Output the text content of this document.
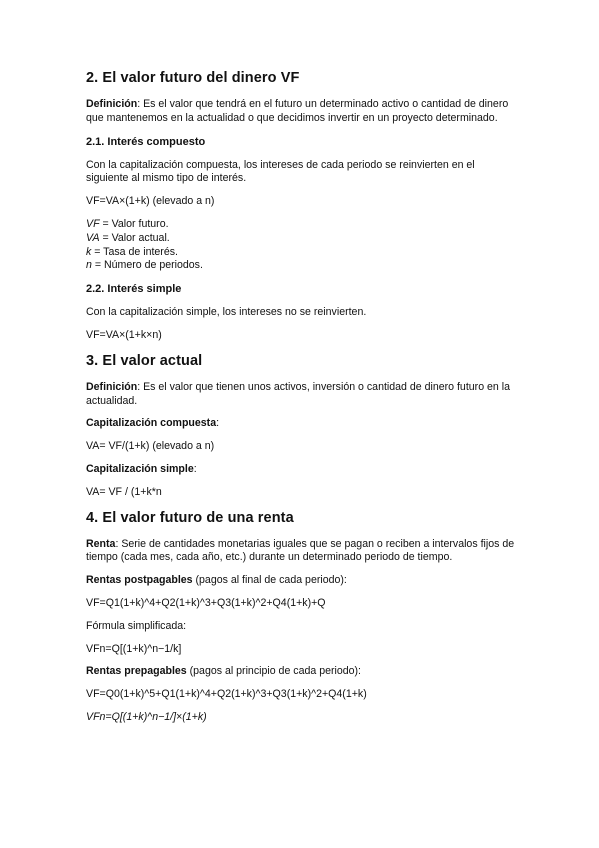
2. El valor futuro del dinero VF

Definición: Es el valor que tendrá en el futuro un determinado activo o cantidad de dinero que mantenemos en la actualidad o que decidimos invertir en un proyecto determinado.

2.1. Interés compuesto

Con la capitalización compuesta, los intereses de cada periodo se reinvierten en el siguiente al mismo tipo de interés.

VF=VA×(1+k) (elevado a n)

VF = Valor futuro.

VA = Valor actual.

k = Tasa de interés.

n = Número de periodos.

2.2. Interés simple

Con la capitalización simple, los intereses no se reinvierten.

VF=VA×(1+k×n)

3. El valor actual

Definición: Es el valor que tienen unos activos, inversión o cantidad de dinero futuro en la actualidad.

Capitalización compuesta:

VA= VF/(1+k) (elevado a n)

Capitalización simple:

VA= VF / (1+k*n

4. El valor futuro de una renta

Renta: Serie de cantidades monetarias iguales que se pagan o reciben a intervalos fijos de tiempo (cada mes, cada año, etc.) durante un determinado periodo de tiempo.

Rentas postpagables (pagos al final de cada periodo):

VF=Q1(1+k)^4+Q2(1+k)^3+Q3(1+k)^2+Q4(1+k)+Q

Fórmula simplificada:

VFn=Q[(1+k)^n−1/k]

Rentas prepagables (pagos al principio de cada periodo):

VF=Q0(1+k)^5+Q1(1+k)^4+Q2(1+k)^3+Q3(1+k)^2+Q4(1+k)

VFn=Q[(1+k)^n−1/]×(1+k)
